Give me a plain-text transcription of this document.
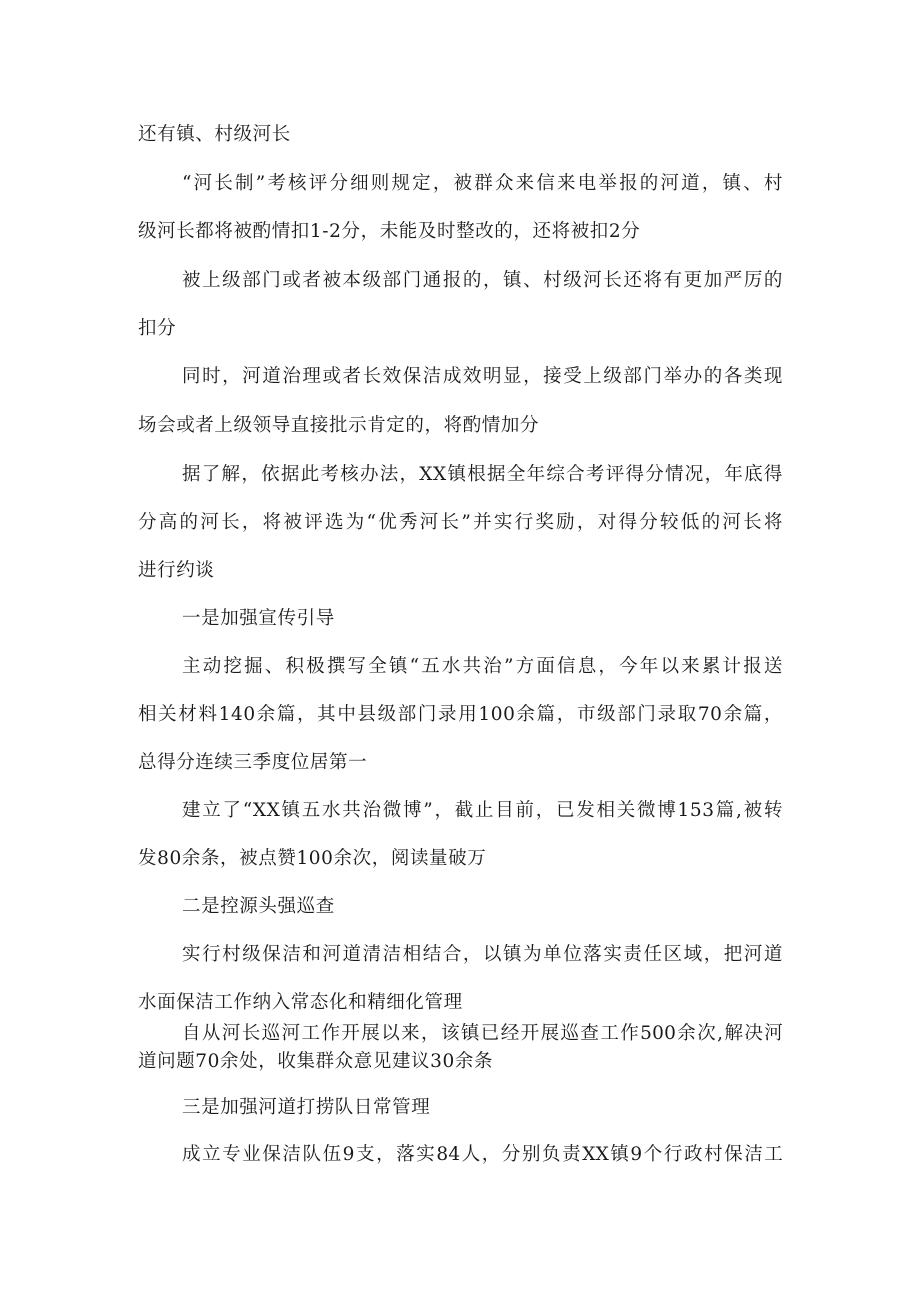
还有镇、村级河长
“河长制”考核评分细则规定，被群众来信来电举报的河道，镇、村
级河长都将被酌情扣1-2分，未能及时整改的，还将被扣2分
被上级部门或者被本级部门通报的，镇、村级河长还将有更加严厉的
扣分
同时，河道治理或者长效保洁成效明显，接受上级部门举办的各类现
场会或者上级领导直接批示肯定的，将酌情加分
据了解，依据此考核办法，XX镇根据全年综合考评得分情况，年底得
分高的河长，将被评选为“优秀河长”并实行奖励，对得分较低的河长将
进行约谈
一是加强宣传引导
主动挖掘、积极撰写全镇“五水共治”方面信息，今年以来累计报送
相关材料140余篇，其中县级部门录用100余篇，市级部门录取70余篇，
总得分连续三季度位居第一
建立了“XX镇五水共治微博”，截止目前，已发相关微博153篇,被转
发80余条，被点赞100余次，阅读量破万
二是控源头强巡查
实行村级保洁和河道清洁相结合，以镇为单位落实责任区域，把河道
水面保洁工作纳入常态化和精细化管理
自从河长巡河工作开展以来，该镇已经开展巡查工作500余次,解决河
道问题70余处，收集群众意见建议30余条
三是加强河道打捞队日常管理
成立专业保洁队伍9支，落实84人，分别负责XX镇9个行政村保洁工
